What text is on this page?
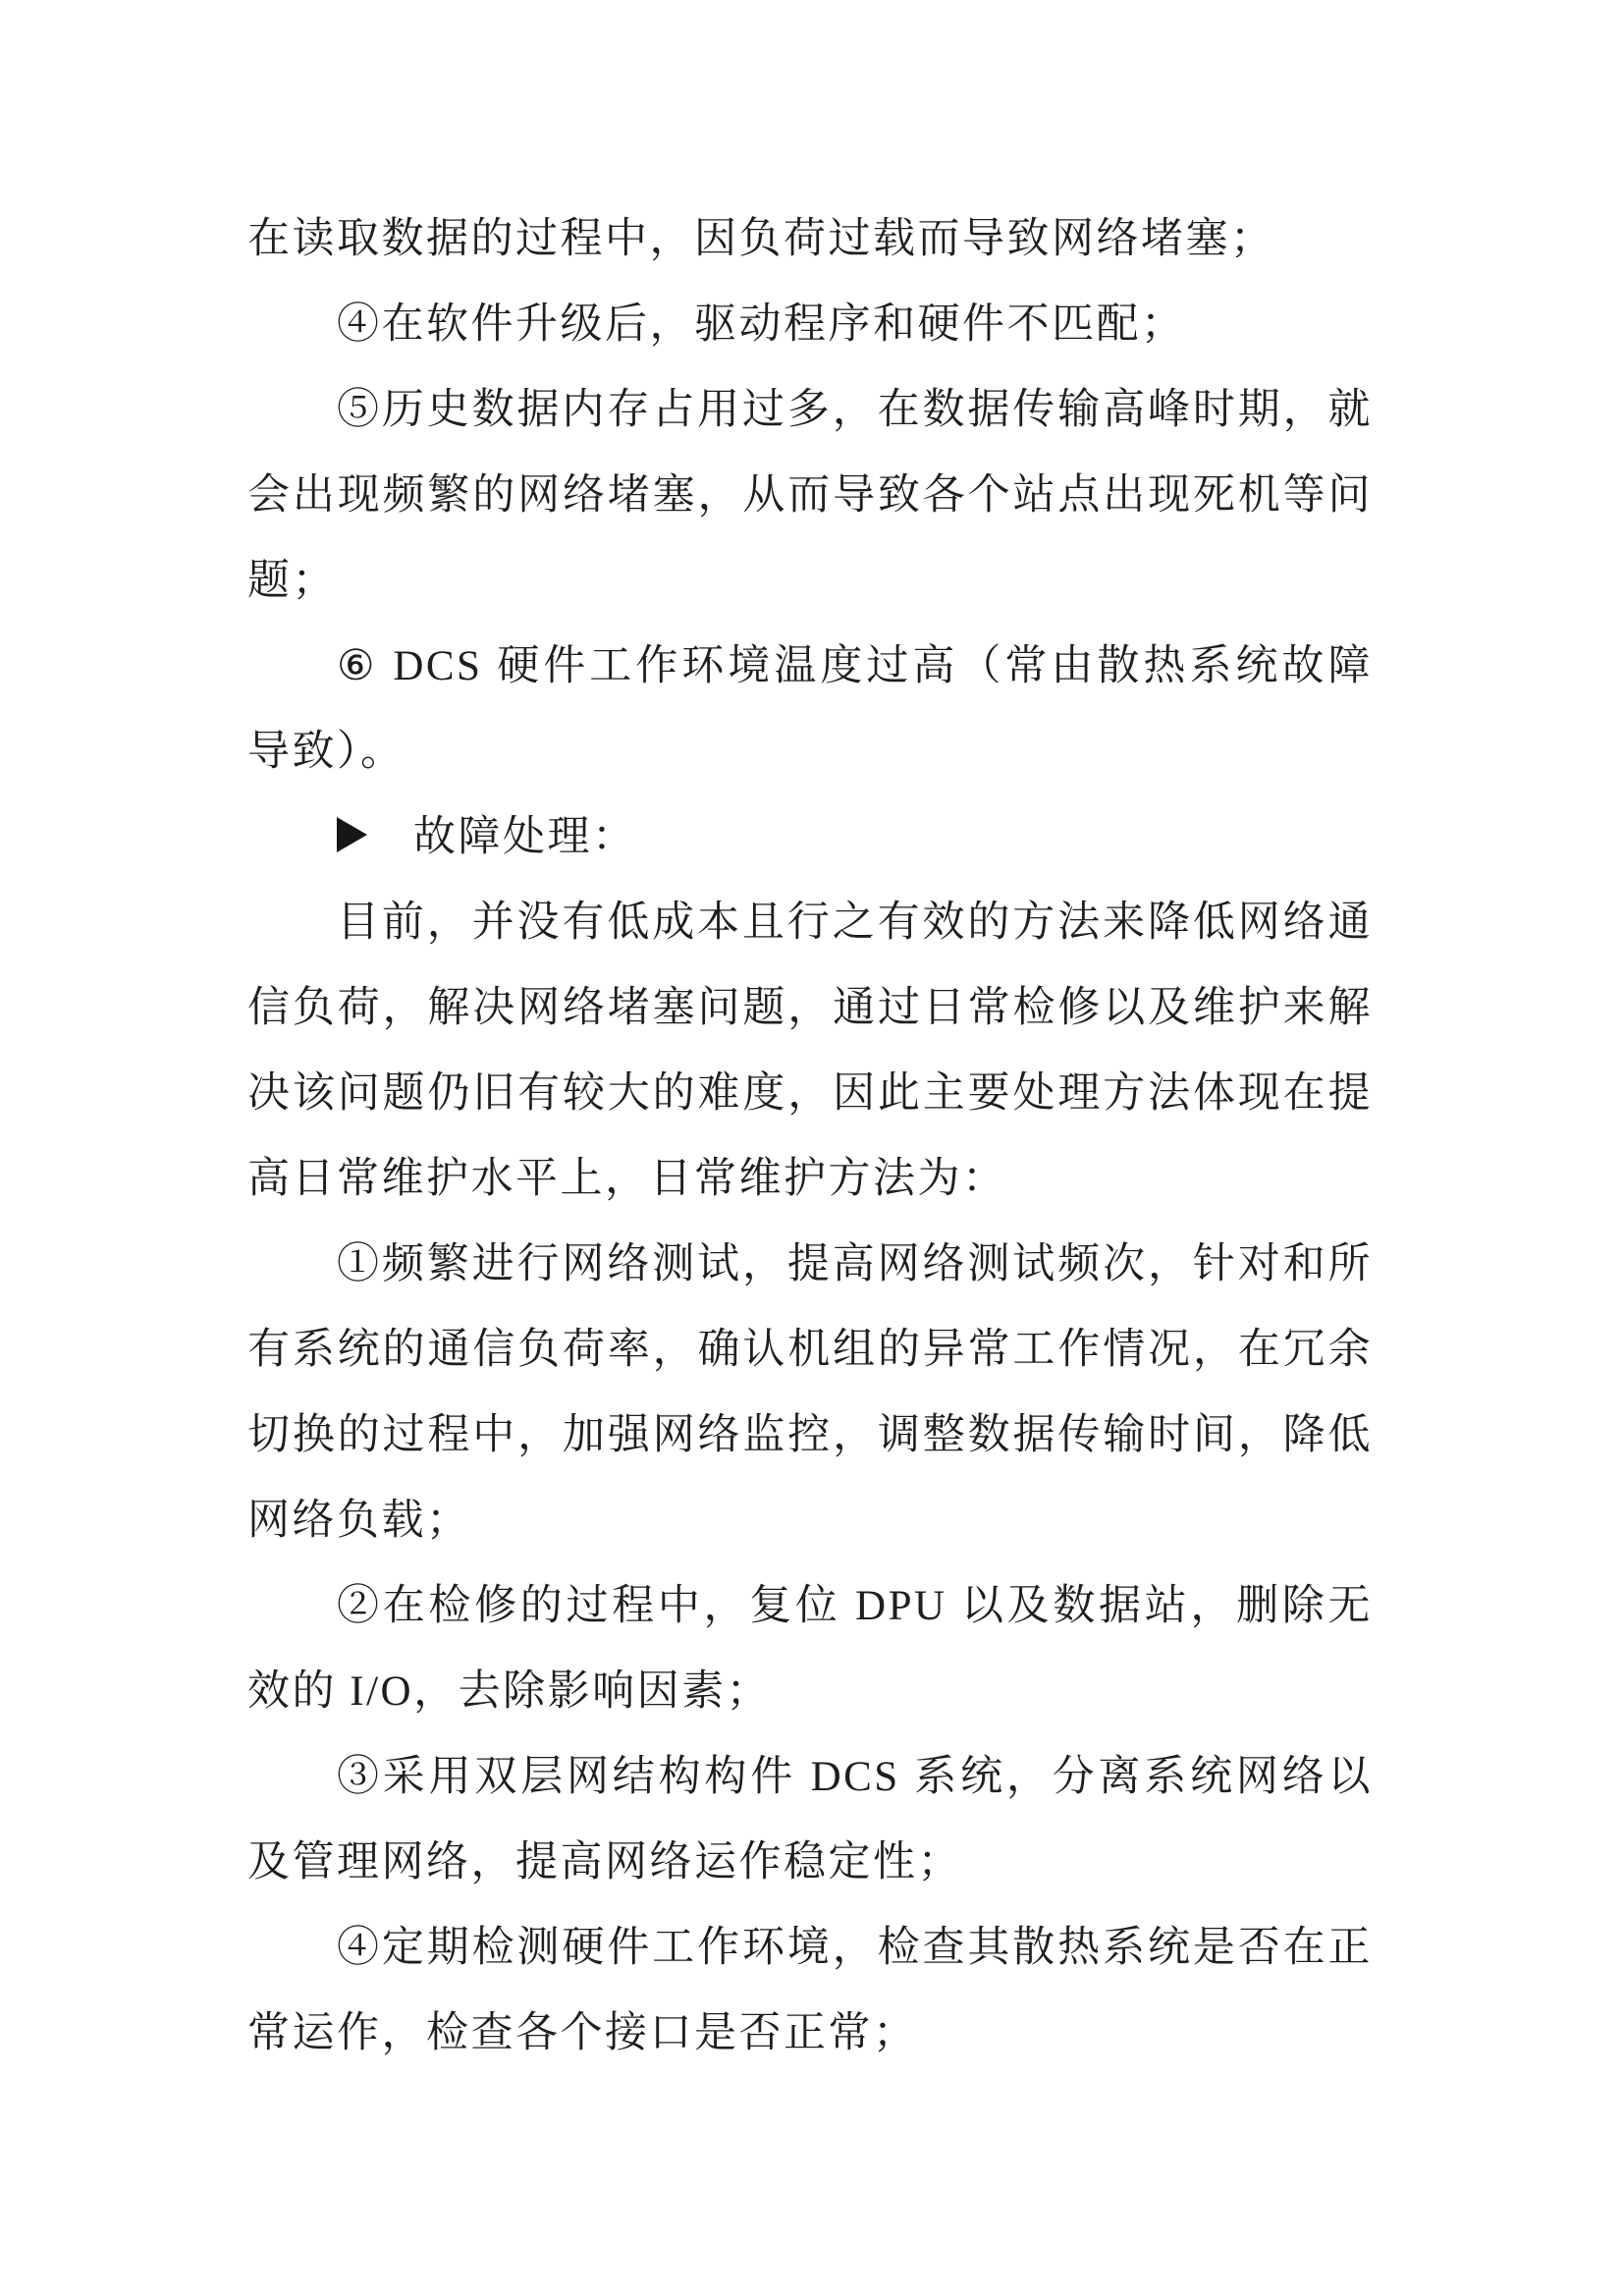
在读取数据的过程中，因负荷过载而导致网络堵塞；
④在软件升级后，驱动程序和硬件不匹配；
⑤历史数据内存占用过多，在数据传输高峰时期，就
会出现频繁的网络堵塞，从而导致各个站点出现死机等问
题；
⑥ DCS 硬件工作环境温度过高（常由散热系统故障
导致）。
故障处理：
目前，并没有低成本且行之有效的方法来降低网络通
信负荷，解决网络堵塞问题，通过日常检修以及维护来解
决该问题仍旧有较大的难度，因此主要处理方法体现在提
高日常维护水平上，日常维护方法为：
①频繁进行网络测试，提高网络测试频次，针对和所
有系统的通信负荷率，确认机组的异常工作情况，在冗余
切换的过程中，加强网络监控，调整数据传输时间，降低
网络负载；
②在检修的过程中，复位 DPU 以及数据站，删除无
效的 I/O，去除影响因素；
③采用双层网结构构件 DCS 系统，分离系统网络以
及管理网络，提高网络运作稳定性；
④定期检测硬件工作环境，检查其散热系统是否在正
常运作，检查各个接口是否正常；
